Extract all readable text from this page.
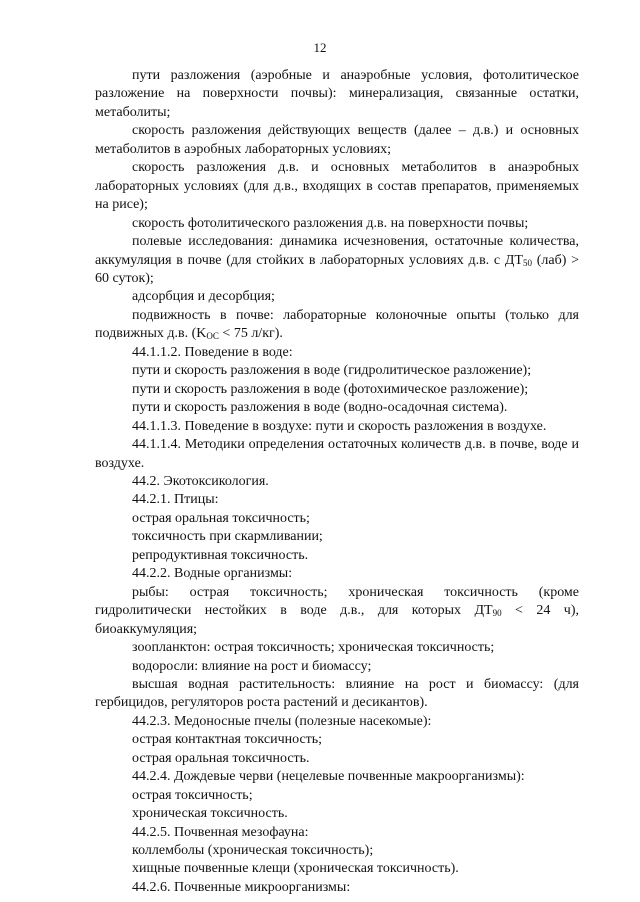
12

пути разложения (аэробные и анаэробные условия, фотолитическое разложение на поверхности почвы): минерализация, связанные остатки, метаболиты;

скорость разложения действующих веществ (далее – д.в.) и основных метаболитов в аэробных лабораторных условиях;

скорость разложения д.в. и основных метаболитов в анаэробных лабораторных условиях (для д.в., входящих в состав препаратов, применяемых на рисе);

скорость фотолитического разложения д.в. на поверхности почвы;

полевые исследования: динамика исчезновения, остаточные количества, аккумуляция в почве (для стойких в лабораторных условиях д.в. с $ДТ_{50}$ (лаб) > 60 суток);

адсорбция и десорбция;

подвижность в почве: лабораторные колоночные опыты (только для подвижных д.в. ($K_{OC} < 75$ л/кг).

44.1.1.2. Поведение в воде:

пути и скорость разложения в воде (гидролитическое разложение);

пути и скорость разложения в воде (фотохимическое разложение);

пути и скорость разложения в воде (водно-осадочная система).

44.1.1.3. Поведение в воздухе: пути и скорость разложения в воздухе.

44.1.1.4. Методики определения остаточных количеств д.в. в почве, воде и воздухе.

44.2. Экотоксикология.

44.2.1. Птицы:

острая оральная токсичность;

токсичность при скармливании;

репродуктивная токсичность.

44.2.2. Водные организмы:

рыбы: острая токсичность; хроническая токсичность (кроме гидролитически нестойких в воде д.в., для которых $ДТ_{90} < 24$ ч), биоаккумуляция;

зоопланктон: острая токсичность; хроническая токсичность;

водоросли: влияние на рост и биомассу;

высшая водная растительность: влияние на рост и биомассу: (для гербицидов, регуляторов роста растений и десикантов).

44.2.3. Медоносные пчелы (полезные насекомые):

острая контактная токсичность;

острая оральная токсичность.

44.2.4. Дождевые черви (нецелевые почвенные макроорганизмы):

острая токсичность;

хроническая токсичность.

44.2.5. Почвенная мезофауна:

коллемболы (хроническая токсичность);

хищные почвенные клещи (хроническая токсичность).

44.2.6. Почвенные микроорганизмы:
